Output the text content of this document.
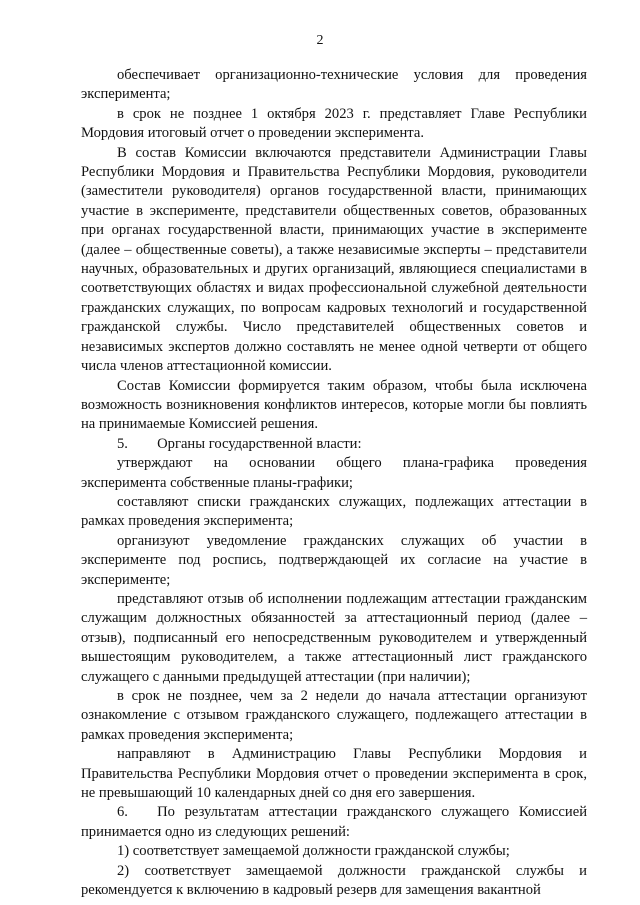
2

обеспечивает организационно-технические условия для проведения эксперимента;

в срок не позднее 1 октября 2023 г. представляет Главе Республики Мордовия итоговый отчет о проведении эксперимента.

В состав Комиссии включаются представители Администрации Главы Республики Мордовия и Правительства Республики Мордовия, руководители (заместители руководителя) органов государственной власти, принимающих участие в эксперименте, представители общественных советов, образованных при органах государственной власти, принимающих участие в эксперименте (далее – общественные советы), а также независимые эксперты – представители научных, образовательных и других организаций, являющиеся специалистами в соответствующих областях и видах профессиональной служебной деятельности гражданских служащих, по вопросам кадровых технологий и государственной гражданской службы. Число представителей общественных советов и независимых экспертов должно составлять не менее одной четверти от общего числа членов аттестационной комиссии.

Состав Комиссии формируется таким образом, чтобы была исключена возможность возникновения конфликтов интересов, которые могли бы повлиять на принимаемые Комиссией решения.

5.  Органы государственной власти:

утверждают на основании общего плана-графика проведения эксперимента собственные планы-графики;

составляют списки гражданских служащих, подлежащих аттестации в рамках проведения эксперимента;

организуют уведомление гражданских служащих об участии в эксперименте под роспись, подтверждающей их согласие на участие в эксперименте;

представляют отзыв об исполнении подлежащим аттестации гражданским служащим должностных обязанностей за аттестационный период (далее – отзыв), подписанный его непосредственным руководителем и утвержденный вышестоящим руководителем, а также аттестационный лист гражданского служащего с данными предыдущей аттестации (при наличии);

в срок не позднее, чем за 2 недели до начала аттестации организуют ознакомление с отзывом гражданского служащего, подлежащего аттестации в рамках проведения эксперимента;

направляют в Администрацию Главы Республики Мордовия и Правительства Республики Мордовия отчет о проведении эксперимента в срок, не превышающий 10 календарных дней со дня его завершения.

6.  По результатам аттестации гражданского служащего Комиссией принимается одно из следующих решений:

1) соответствует замещаемой должности гражданской службы;

2) соответствует замещаемой должности гражданской службы и рекомендуется к включению в кадровый резерв для замещения вакантной
